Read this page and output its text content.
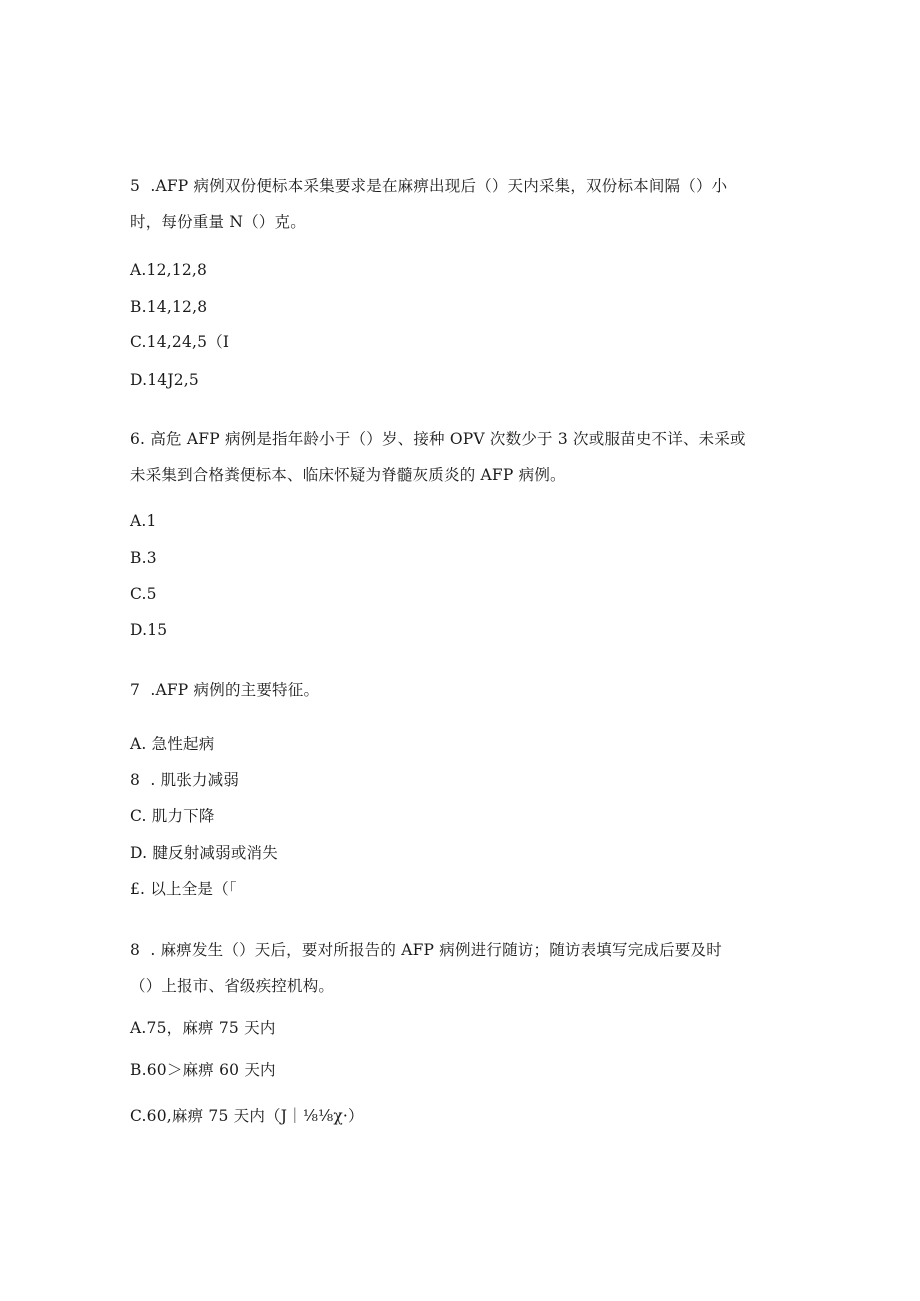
5  .AFP 病例双份便标本采集要求是在麻痹出现后（）天内采集，双份标本间隔（）小
时，每份重量 N（）克。
A.12,12,8
B.14,12,8
C.14,24,5（I
D.14J2,5
6. 高危 AFP 病例是指年龄小于（）岁、接种 OPV 次数少于 3 次或服苗史不详、未采或
未采集到合格粪便标本、临床怀疑为脊髓灰质炎的 AFP 病例。
A.1
B.3
C.5
D.15
7  .AFP 病例的主要特征。
A. 急性起病
8  . 肌张力减弱
C. 肌力下降
D. 腱反射减弱或消失
£. 以上全是（「
8  . 麻痹发生（）天后，要对所报告的 AFP 病例进行随访；随访表填写完成后要及时
（）上报市、省级疾控机构。
A.75，麻痹 75 天内
B.60＞麻痹 60 天内
C.60,麻痹 75 天内（J｜⅛⅛χ·）
